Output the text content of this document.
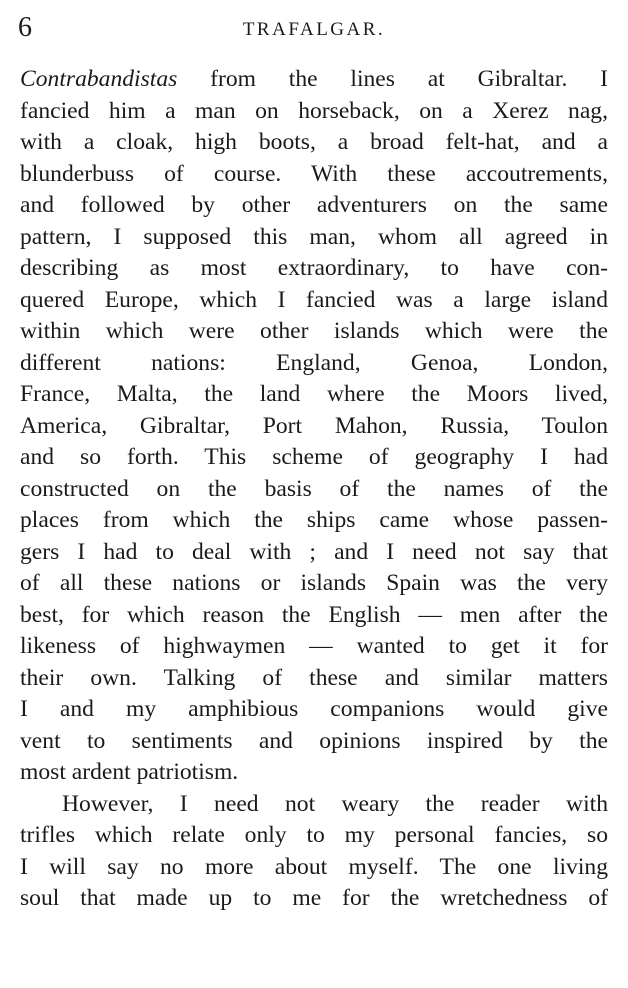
6	TRAFALGAR.
Contrabandistas from the lines at Gibraltar. I
fancied him a man on horseback, on a Xerez nag,
with a cloak, high boots, a broad felt-hat, and a
blunderbuss of course. With these accoutrements,
and followed by other adventurers on the same
pattern, I supposed this man, whom all agreed in
describing as most extraordinary, to have con-
quered Europe, which I fancied was a large island
within which were other islands which were the
different nations: England, Genoa, London,
France, Malta, the land where the Moors lived,
America, Gibraltar, Port Mahon, Russia, Toulon
and so forth. This scheme of geography I had
constructed on the basis of the names of the
places from which the ships came whose passen-
gers I had to deal with ; and I need not say that
of all these nations or islands Spain was the very
best, for which reason the English — men after the
likeness of highwaymen — wanted to get it for
their own. Talking of these and similar matters
I and my amphibious companions would give
vent to sentiments and opinions inspired by the
most ardent patriotism.
However, I need not weary the reader with
trifles which relate only to my personal fancies, so
I will say no more about myself. The one living
soul that made up to me for the wretchedness of
